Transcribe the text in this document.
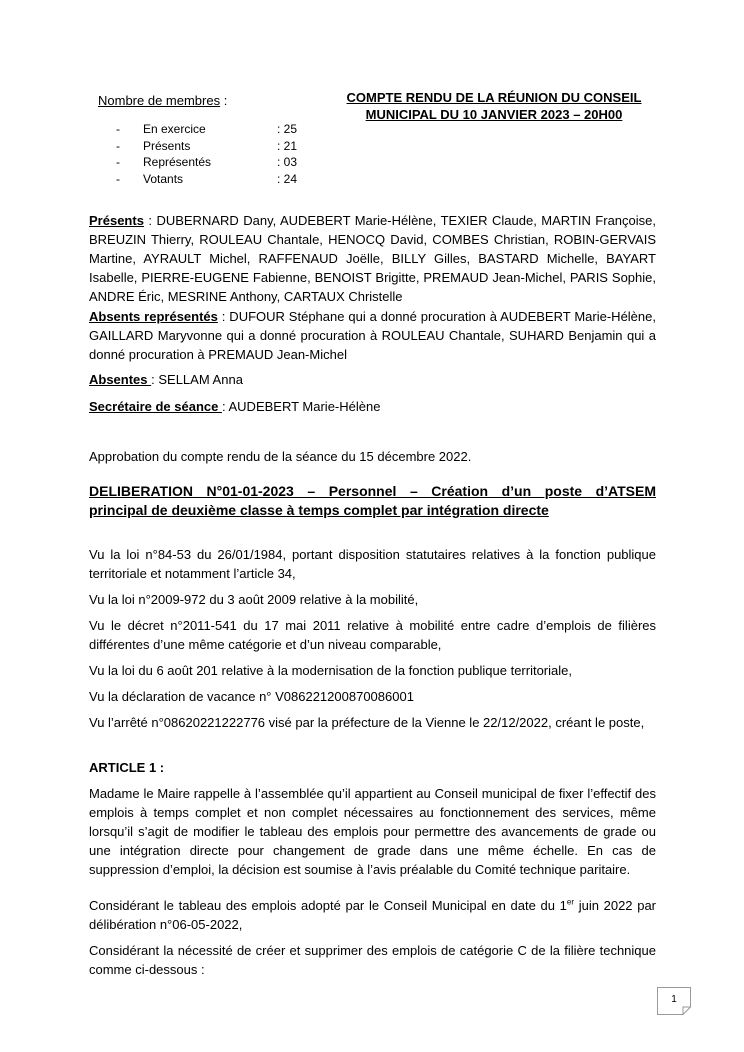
Nombre de membres :
-	En exercice	: 25
-	Présents	: 21
-	Représentés	: 03
-	Votants	: 24
COMPTE RENDU DE LA RÉUNION DU CONSEIL
MUNICIPAL DU 10 JANVIER 2023 – 20H00
Présents : DUBERNARD Dany, AUDEBERT Marie-Hélène, TEXIER Claude, MARTIN Françoise, BREUZIN Thierry, ROULEAU Chantale, HENOCQ David, COMBES Christian, ROBIN-GERVAIS Martine, AYRAULT Michel, RAFFENAUD Joëlle, BILLY Gilles, BASTARD Michelle, BAYART Isabelle, PIERRE-EUGENE Fabienne, BENOIST Brigitte, PREMAUD Jean-Michel, PARIS Sophie, ANDRE Éric, MESRINE Anthony, CARTAUX Christelle
Absents représentés : DUFOUR Stéphane qui a donné procuration à AUDEBERT Marie-Hélène, GAILLARD Maryvonne qui a donné procuration à ROULEAU Chantale, SUHARD Benjamin qui a donné procuration à PREMAUD Jean-Michel
Absentes : SELLAM Anna
Secrétaire de séance : AUDEBERT Marie-Hélène
Approbation du compte rendu de la séance du 15 décembre 2022.
DELIBERATION N°01-01-2023 – Personnel – Création d’un poste d’ATSEM
principal de deuxième classe à temps complet par intégration directe
Vu la loi n°84-53 du 26/01/1984, portant disposition statutaires relatives à la fonction publique territoriale et notamment l’article 34,
Vu la loi n°2009-972 du 3 août 2009 relative à la mobilité,
Vu le décret n°2011-541 du 17 mai 2011 relative à mobilité entre cadre d’emplois de filières différentes d’une même catégorie et d’un niveau comparable,
Vu la loi du 6 août 201 relative à la modernisation de la fonction publique territoriale,
Vu la déclaration de vacance n° V086221200870086001
Vu l’arrêté n°08620221222776 visé par la préfecture de la Vienne le 22/12/2022, créant le poste,
ARTICLE 1 :
Madame le Maire rappelle à l’assemblée qu’il appartient au Conseil municipal de fixer l’effectif des emplois à temps complet et non complet nécessaires au fonctionnement des services, même lorsqu’il s’agit de modifier le tableau des emplois pour permettre des avancements de grade ou une intégration directe pour changement de grade dans une même échelle. En cas de suppression d’emploi, la décision est soumise à l’avis préalable du Comité technique paritaire.
Considérant le tableau des emplois adopté par le Conseil Municipal en date du 1er juin 2022 par délibération n°06-05-2022,
Considérant la nécessité de créer et supprimer des emplois de catégorie C de la filière technique comme ci-dessous :
1
